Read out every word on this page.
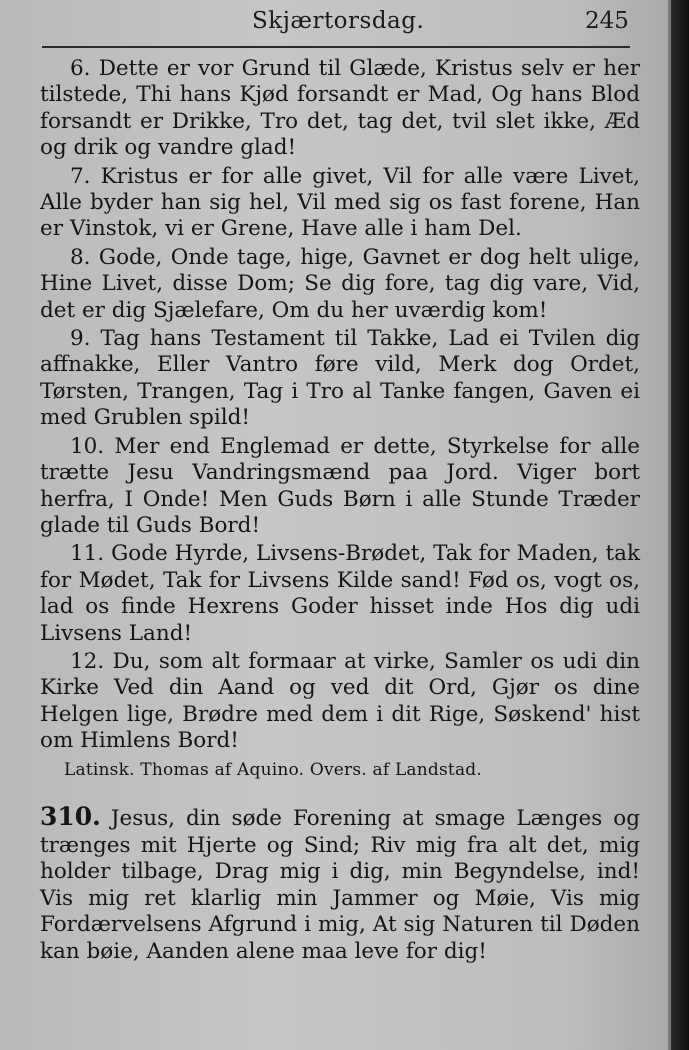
Skjærtorsdag.	245

6. Dette er vor Grund til Glæde, Kristus selv er her tilstede, Thi hans Kjød forsandt er Mad, Og hans Blod forsandt er Drikke, Tro det, tag det, tvil slet ikke, Æd og drik og vandre glad!

7. Kristus er for alle givet, Vil for alle være Livet, Alle byder han sig hel, Vil med sig os fast forene, Han er Vinstok, vi er Grene, Have alle i ham Del.

8. Gode, Onde tage, hige, Gavnet er dog helt ulige, Hine Livet, disse Dom; Se dig fore, tag dig vare, Vid, det er dig Sjælefare, Om du her uværdig kom!

9. Tag hans Testament til Takke, Lad ei Tvilen dig affnakke, Eller Vantro føre vild, Merk dog Ordet, Tørsten, Trangen, Tag i Tro al Tanke fangen, Gaven ei med Grublen spild!

10. Mer end Englemad er dette, Styrkelse for alle trætte Jesu Vandringsmænd paa Jord. Viger bort herfra, I Onde! Men Guds Børn i alle Stunde Træder glade til Guds Bord!

11. Gode Hyrde, Livsens-Brødet, Tak for Maden, tak for Mødet, Tak for Livsens Kilde sand! Fød os, vogt os, lad os finde Hexrens Goder hisset inde Hos dig udi Livsens Land!

12. Du, som alt formaar at virke, Samler os udi din Kirke Ved din Aand og ved dit Ord, Gjør os dine Helgen lige, Brødre med dem i dit Rige, Søskend' hist om Himlens Bord!

Latinsk. Thomas af Aquino. Overs. af Landstad.

310. Jesus, din søde Forening at smage Længes og trænges mit Hjerte og Sind; Riv mig fra alt det, mig holder tilbage, Drag mig i dig, min Begyndelse, ind! Vis mig ret klarlig min Jammer og Møie, Vis mig Fordærvelsens Afgrund i mig, At sig Naturen til Døden kan bøie, Aanden alene maa leve for dig!
